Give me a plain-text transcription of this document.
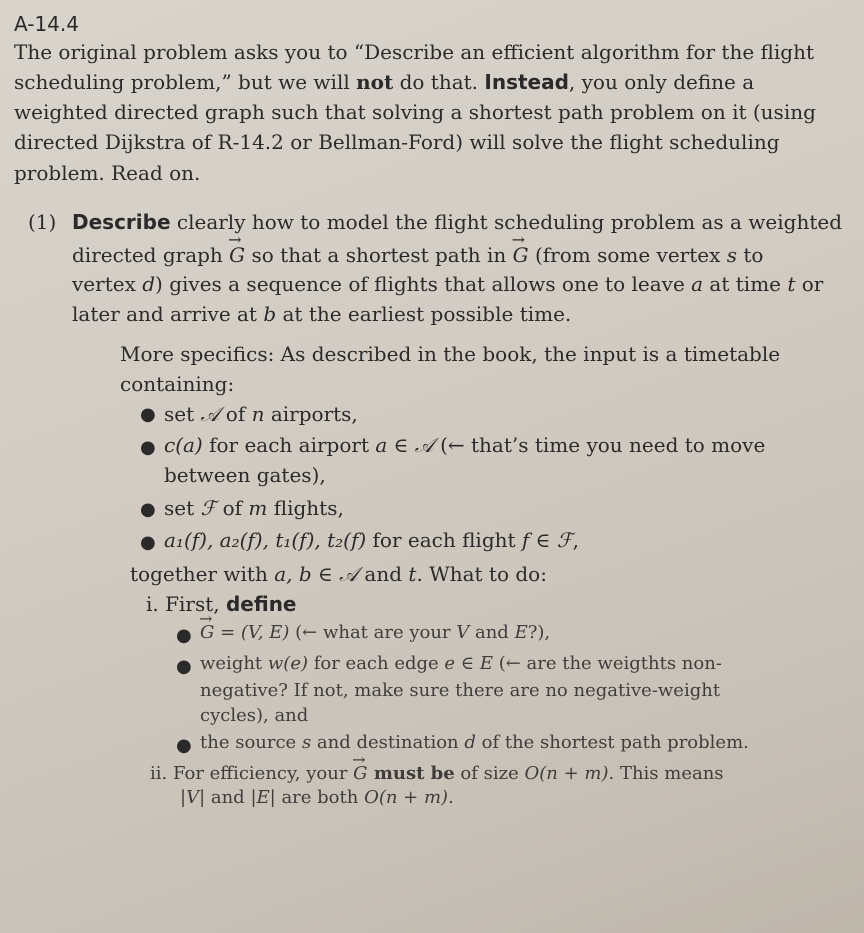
A-14.4
The original problem asks you to “Describe an efficient algorithm for the flight
scheduling problem,” but we will not do that. Instead, you only define a
weighted directed graph such that solving a shortest path problem on it (using
directed Dijkstra of R-14.2 or Bellman-Ford) will solve the flight scheduling
problem. Read on.
(1) Describe clearly how to model the flight scheduling problem as a weighted
directed graph → G so that a shortest path in → G (from some vertex s to
vertex d) gives a sequence of flights that allows one to leave a at time t or
later and arrive at b at the earliest possible time.
More specifics: As described in the book, the input is a timetable
containing:
● set 𝒜 of n airports,
● c(a) for each airport a ∈ 𝒜 (← that’s time you need to move
between gates),
● set ℱ of m flights,
● a₁(f), a₂(f), t₁(f), t₂(f) for each flight f ∈ ℱ,
together with a, b ∈ 𝒜 and t. What to do:
i. First, define
●
→ G = (V, E) (← what are your V and E?),
● weight w(e) for each edge e ∈ E (← are the weigthts non-
negative? If not, make sure there are no negative-weight
cycles), and
● the source s and destination d of the shortest path problem.
ii. For efficiency, your → G must be of size O(n + m). This means
|V| and |E| are both O(n + m).
